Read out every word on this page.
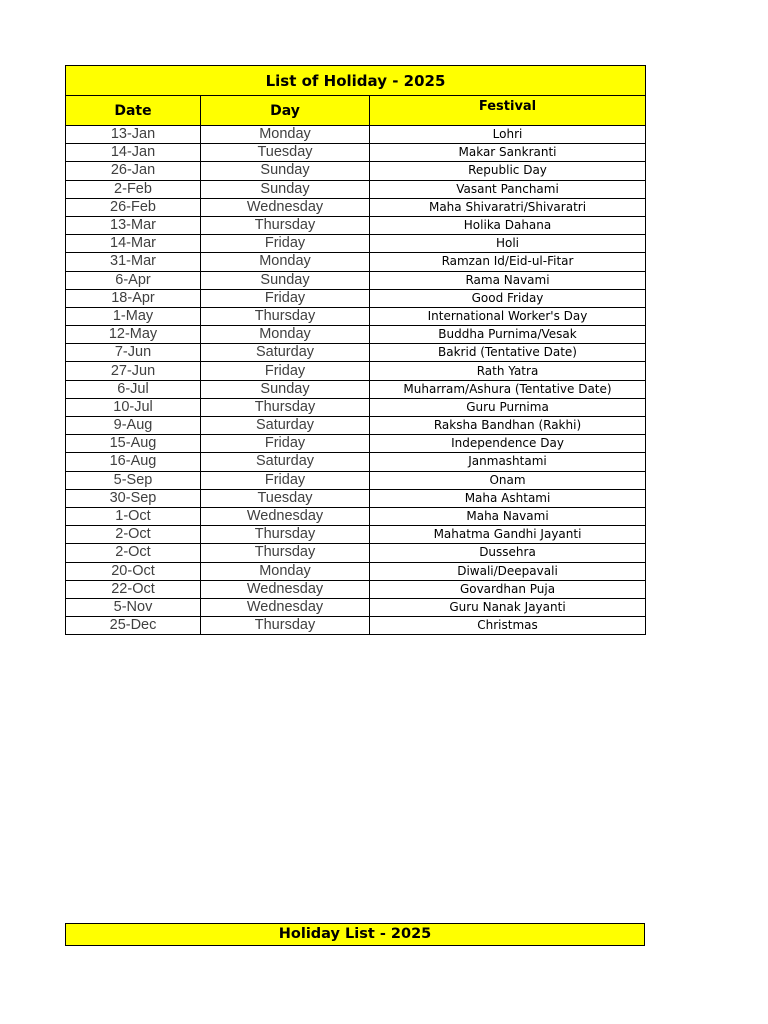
List of Holiday - 2025		
Date	Day	Festival
13-Jan	Monday	Lohri
14-Jan	Tuesday	Makar Sankranti
26-Jan	Sunday	Republic Day
2-Feb	Sunday	Vasant Panchami
26-Feb	Wednesday	Maha Shivaratri/Shivaratri
13-Mar	Thursday	Holika Dahana
14-Mar	Friday	Holi
31-Mar	Monday	Ramzan Id/Eid-ul-Fitar
6-Apr	Sunday	Rama Navami
18-Apr	Friday	Good Friday
1-May	Thursday	International Worker's Day
12-May	Monday	Buddha Purnima/Vesak
7-Jun	Saturday	Bakrid (Tentative Date)
27-Jun	Friday	Rath Yatra
6-Jul	Sunday	Muharram/Ashura (Tentative Date)
10-Jul	Thursday	Guru Purnima
9-Aug	Saturday	Raksha Bandhan (Rakhi)
15-Aug	Friday	Independence Day
16-Aug	Saturday	Janmashtami
5-Sep	Friday	Onam
30-Sep	Tuesday	Maha Ashtami
1-Oct	Wednesday	Maha Navami
2-Oct	Thursday	Mahatma Gandhi Jayanti
2-Oct	Thursday	Dussehra
20-Oct	Monday	Diwali/Deepavali
22-Oct	Wednesday	Govardhan Puja
5-Nov	Wednesday	Guru Nanak Jayanti
25-Dec	Thursday	Christmas
Holiday List - 2025
